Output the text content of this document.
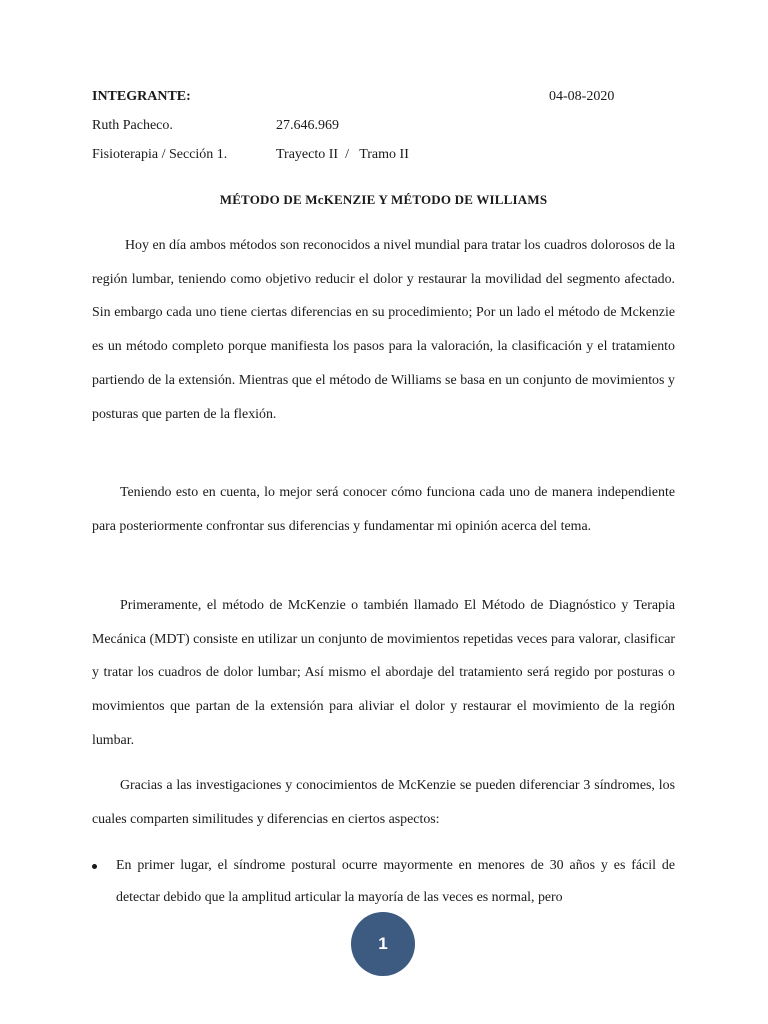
INTEGRANTE:	04-08-2020
Ruth Pacheco.	27.646.969
Fisioterapia / Sección 1.	Trayecto II  /   Tramo II
MÉTODO DE McKENZIE Y MÉTODO DE WILLIAMS

Hoy en día ambos métodos son reconocidos a nivel mundial para tratar los cuadros dolorosos de la región lumbar, teniendo como objetivo reducir el dolor y restaurar la movilidad del segmento afectado. Sin embargo cada uno tiene ciertas diferencias en su procedimiento; Por un lado el método de Mckenzie es un método completo porque manifiesta los pasos para la valoración, la clasificación y el tratamiento partiendo de la extensión. Mientras que el método de Williams se basa en un conjunto de movimientos y posturas que parten de la flexión.

Teniendo esto en cuenta, lo mejor será conocer cómo funciona cada uno de manera independiente para posteriormente confrontar sus diferencias y fundamentar mi opinión acerca del tema.

Primeramente, el método de McKenzie o también llamado El Método de Diagnóstico y Terapia Mecánica (MDT) consiste en utilizar un conjunto de movimientos repetidas veces para valorar, clasificar y tratar los cuadros de dolor lumbar; Así mismo el abordaje del tratamiento será regido por posturas o movimientos que partan de la extensión para aliviar el dolor y restaurar el movimiento de la región lumbar.

Gracias a las investigaciones y conocimientos de McKenzie se pueden diferenciar 3 síndromes, los cuales comparten similitudes y diferencias en ciertos aspectos:

En primer lugar, el síndrome postural ocurre mayormente en menores de 30 años y es fácil de detectar debido que la amplitud articular la mayoría de las veces es normal, pero
1
